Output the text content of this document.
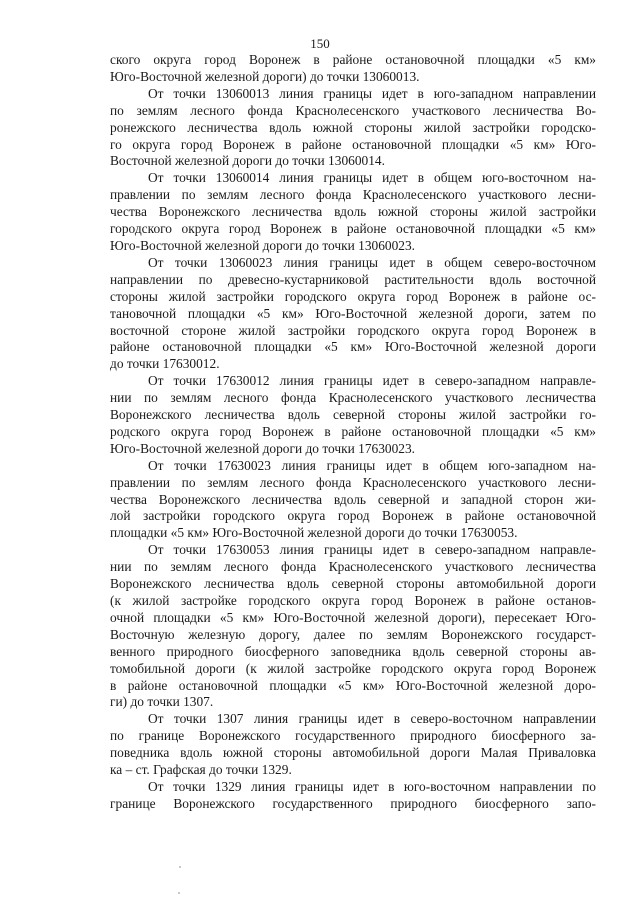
150

ского округа город Воронеж в районе остановочной площадки «5 км»
Юго-Восточной железной дороги) до точки 13060013.

От точки 13060013 линия границы идет в юго-западном направлении
по землям лесного фонда Краснолесенского участкового лесничества Во-
ронежского лесничества вдоль южной стороны жилой застройки городско-
го округа город Воронеж в районе остановочной площадки «5 км» Юго-
Восточной железной дороги до точки 13060014.

От точки 13060014 линия границы идет в общем юго-восточном на-
правлении по землям лесного фонда Краснолесенского участкового лесни-
чества Воронежского лесничества вдоль южной стороны жилой застройки
городского округа город Воронеж в районе остановочной площадки «5 км»
Юго-Восточной железной дороги до точки 13060023.

От точки 13060023 линия границы идет в общем северо-восточном
направлении по древесно-кустарниковой растительности вдоль восточной
стороны жилой застройки городского округа город Воронеж в районе ос-
тановочной площадки «5 км» Юго-Восточной железной дороги, затем по
восточной стороне жилой застройки городского округа город Воронеж в
районе остановочной площадки «5 км» Юго-Восточной железной дороги
до точки 17630012.

От точки 17630012 линия границы идет в северо-западном направле-
нии по землям лесного фонда Краснолесенского участкового лесничества
Воронежского лесничества вдоль северной стороны жилой застройки го-
родского округа город Воронеж в районе остановочной площадки «5 км»
Юго-Восточной железной дороги до точки 17630023.

От точки 17630023 линия границы идет в общем юго-западном на-
правлении по землям лесного фонда Краснолесенского участкового лесни-
чества Воронежского лесничества вдоль северной и западной сторон жи-
лой застройки городского округа город Воронеж в районе остановочной
площадки «5 км» Юго-Восточной железной дороги до точки 17630053.

От точки 17630053 линия границы идет в северо-западном направле-
нии по землям лесного фонда Краснолесенского участкового лесничества
Воронежского лесничества вдоль северной стороны автомобильной дороги
(к жилой застройке городского округа город Воронеж в районе останов-
очной площадки «5 км» Юго-Восточной железной дороги), пересекает Юго-
Восточную железную дорогу, далее по землям Воронежского государст-
венного природного биосферного заповедника вдоль северной стороны ав-
томобильной дороги (к жилой застройке городского округа город Воронеж
в районе остановочной площадки «5 км» Юго-Восточной железной доро-
ги) до точки 1307.

От точки 1307 линия границы идет в северо-восточном направлении
по границе Воронежского государственного природного биосферного за-
поведника вдоль южной стороны автомобильной дороги Малая Приваловка
ка – ст. Графская до точки 1329.

От точки 1329 линия границы идет в юго-восточном направлении по
границе Воронежского государственного природного биосферного запо-
